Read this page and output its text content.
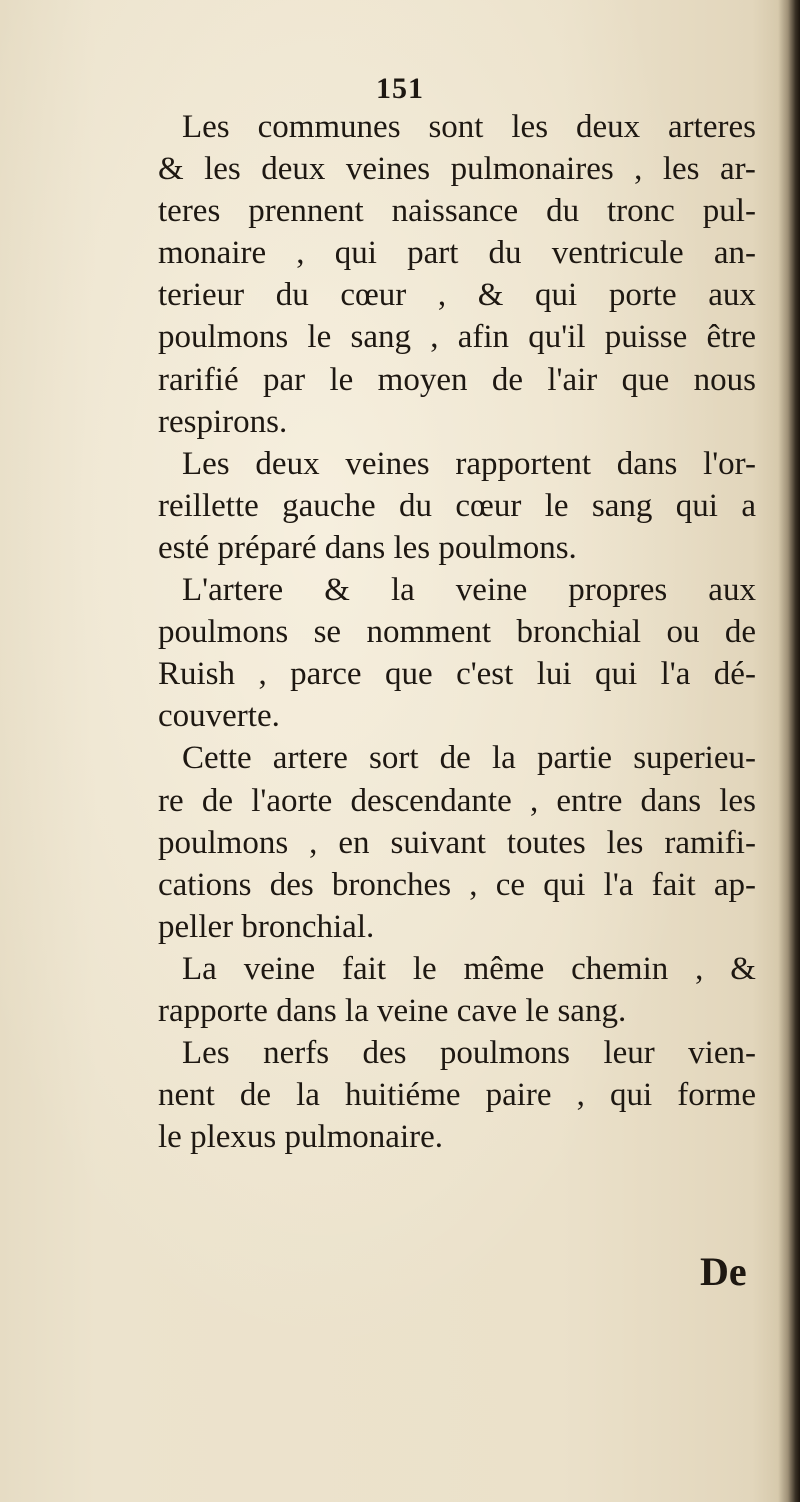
151
Les communes sont les deux arteres
& les deux veines pulmonaires , les ar-
teres prennent naissance du tronc pul-
monaire , qui part du ventricule an-
terieur du cœur , & qui porte aux
poulmons le sang , afin qu'il puisse être
rarifié par le moyen de l'air que nous
respirons.
Les deux veines rapportent dans l'or-
reillette gauche du cœur le sang qui a
esté préparé dans les poulmons.
L'artere & la veine propres aux
poulmons se nomment bronchial ou de
Ruish , parce que c'est lui qui l'a dé-
couverte.
Cette artere sort de la partie superieu-
re de l'aorte descendante , entre dans les
poulmons , en suivant toutes les ramifi-
cations des bronches , ce qui l'a fait ap-
peller bronchial.
La veine fait le même chemin , &
rapporte dans la veine cave le sang.
Les nerfs des poulmons leur vien-
nent de la huitiéme paire , qui forme
le plexus pulmonaire.
De
